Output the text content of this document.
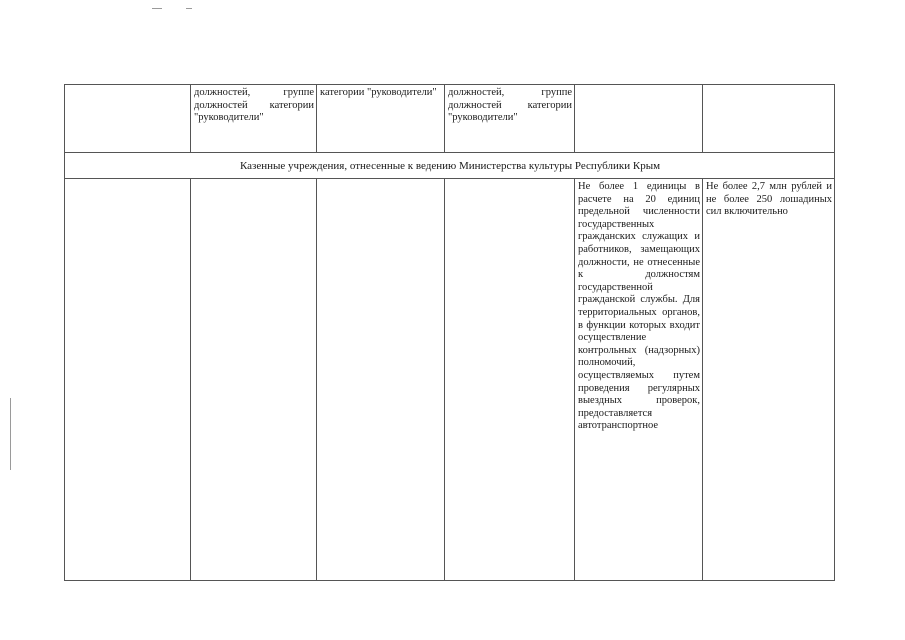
	должностей, группе должностей категории "руководители"	категории "руководители"	должностей, группе должностей категории "руководители"		
Казенные учреждения, отнесенные к ведению Министерства культуры Республики Крым					
				Не более 1 единицы в расчете на 20 единиц предельной численности государственных гражданских служащих и работников, замещающих должности, не отнесенные к должностям государственной гражданской службы. Для территориальных органов, в функции которых входит осуществление контрольных (надзорных) полномочий, осуществляемых путем проведения регулярных выездных проверок, предоставляется автотранспортное	Не более 2,7 млн рублей и не более 250 лошадиных сил включительно
